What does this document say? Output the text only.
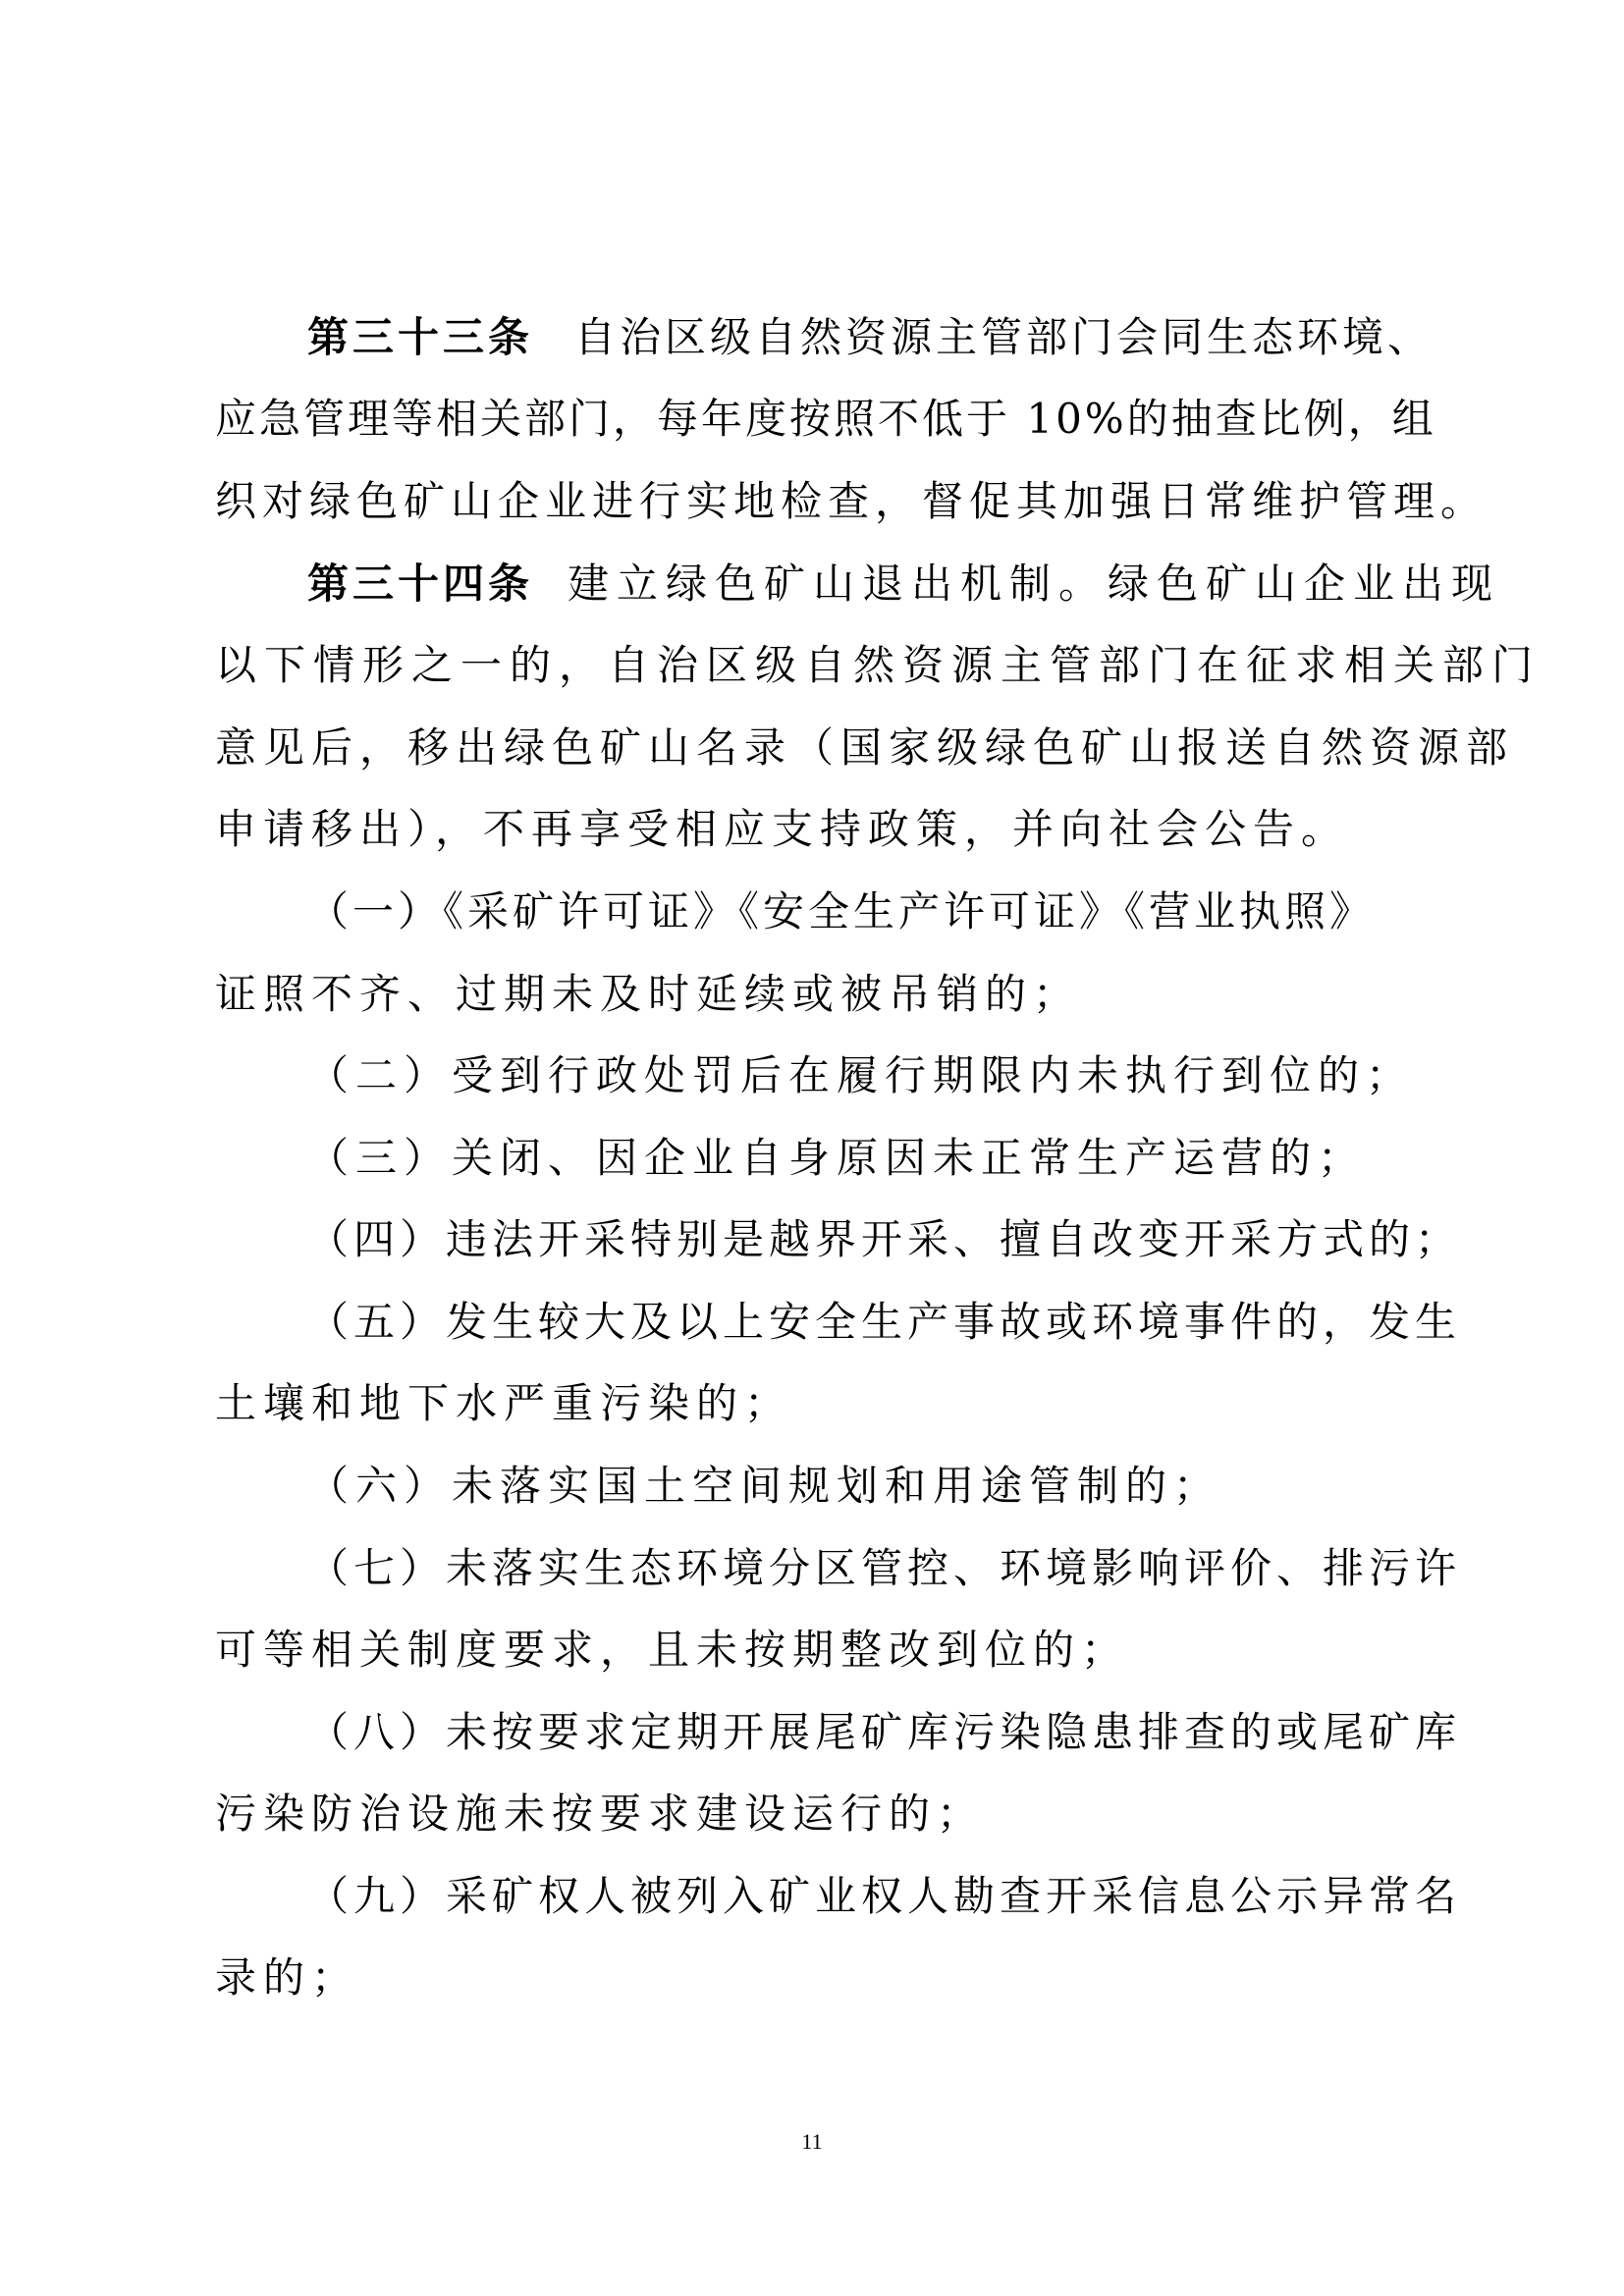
第三十三条 自治区级自然资源主管部门会同生态环境、
应急管理等相关部门，每年度按照不低于 10%的抽查比例，组
织对绿色矿山企业进行实地检查，督促其加强日常维护管理。
第三十四条 建立绿色矿山退出机制。绿色矿山企业出现
以下情形之一的，自治区级自然资源主管部门在征求相关部门
意见后，移出绿色矿山名录（国家级绿色矿山报送自然资源部
申请移出），不再享受相应支持政策，并向社会公告。
（一）《采矿许可证》《安全生产许可证》《营业执照》
证照不齐、过期未及时延续或被吊销的；
（二）受到行政处罚后在履行期限内未执行到位的；
（三）关闭、因企业自身原因未正常生产运营的；
（四）违法开采特别是越界开采、擅自改变开采方式的；
（五）发生较大及以上安全生产事故或环境事件的，发生
土壤和地下水严重污染的；
（六）未落实国土空间规划和用途管制的；
（七）未落实生态环境分区管控、环境影响评价、排污许
可等相关制度要求，且未按期整改到位的；
（八）未按要求定期开展尾矿库污染隐患排查的或尾矿库
污染防治设施未按要求建设运行的；
（九）采矿权人被列入矿业权人勘查开采信息公示异常名
录的；
11
